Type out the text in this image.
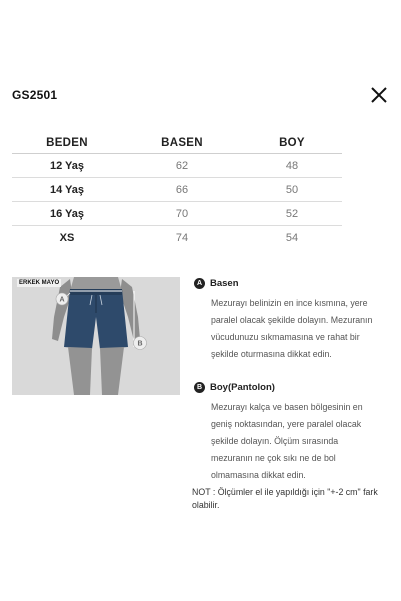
GS2501
BEDEN	BASEN	BOY
12 Yaş	62	48
14 Yaş	66	50
16 Yaş	70	52
XS	74	54
A
B
ERKEK MAYO	A Basen
Mezurayı belinizin en ince kısmına, yere paralel olacak şekilde dolayın. Mezuranın vücudunuzu sıkmamasına ve rahat bir şekilde oturmasına dikkat edin.
B Boy(Pantolon)
Mezurayı kalça ve basen bölgesinin en geniş noktasından, yere paralel olacak şekilde dolayın. Ölçüm sırasında mezuranın ne çok sıkı ne de bol olmamasına dikkat edin.
NOT : Ölçümler el ile yapıldığı için "+-2 cm" fark olabilir.
